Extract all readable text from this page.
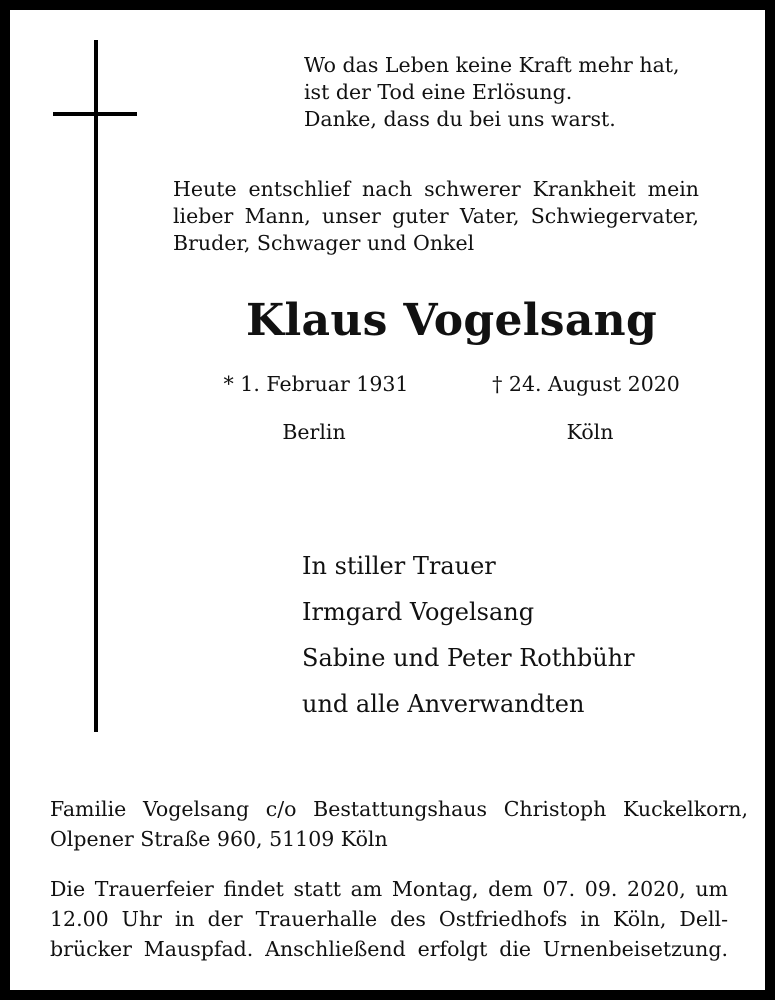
Wo das Leben keine Kraft mehr hat,
ist der Tod eine Erlösung.
Danke, dass du bei uns warst.
Heute entschlief nach schwerer Krankheit mein
lieber Mann, unser guter Vater, Schwiegervater,
Bruder, Schwager und Onkel
Klaus Vogelsang
* 1. Februar 1931	† 24. August 2020
Berlin	Köln
In stiller Trauer
Irmgard Vogelsang
Sabine und Peter Rothbühr
und alle Anverwandten
Familie Vogelsang c/o Bestattungshaus Christoph Kuckelkorn,
Olpener Straße 960, 51109 Köln
Die Trauerfeier findet statt am Montag, dem 07. 09. 2020, um
12.00 Uhr in der Trauerhalle des Ostfriedhofs in Köln, Dell-
brücker Mauspfad. Anschließend erfolgt die Urnenbeisetzung.
